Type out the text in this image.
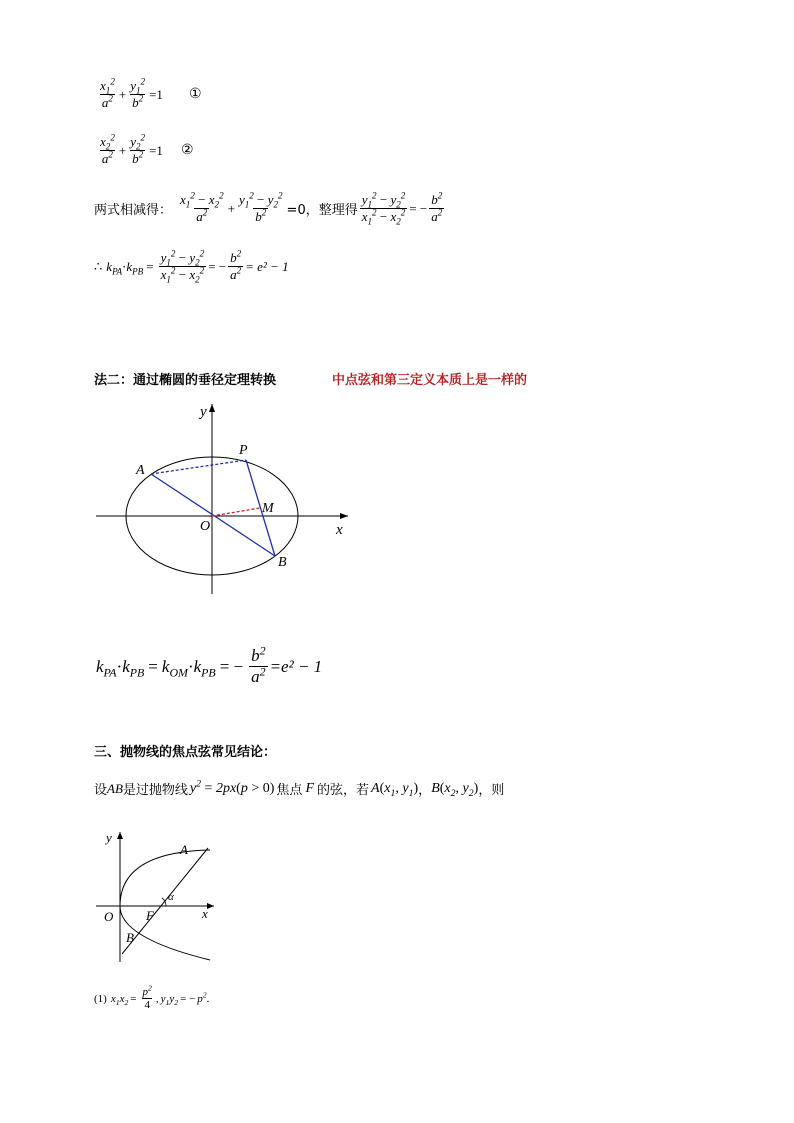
$\frac{x_1^2}{a^2} + \frac{y_1^2}{b^2} =1$ ①
$\frac{x_2^2}{a^2} + \frac{y_2^2}{b^2} =1$ ②
两式相减得： $\frac{x_1^2 - x_2^2}{a^2} + \frac{y_1^2 - y_2^2}{b^2} =0$，整理得 $\frac{y_1^2 - y_2^2}{x_1^2 - x_2^2}$ = − $\frac{b^2}{a^2}$
∴ $k_{PA} \cdot k_{PB} = \frac{y_1^2 - y_2^2}{x_1^2 - x_2^2}$ = − $\frac{b^2}{a^2} = e^2 - 1$
法二：通过椭圆的垂径定理转换	中点弦和第三定义本质上是一样的
y
x
O
A
P
M
B
$k_{PA} \cdot k_{PB} = k_{OM} \cdot k_{PB}$ = − $\frac{b^2}{a^2} =e^2 - 1$
三、抛物线的焦点弦常见结论：
设 AB 是过抛物线 $y^2 = 2px(p > 0)$ 焦点 F 的弦，若 $A(x_1$, $y_1$) ， $B(x_2$, $y_2$) ，则
y
x
O
A
B
F
α
(1) $x_1x_2 = \frac{p^2}{4}$ , $y_1y_2$ = − $p^2$ .
